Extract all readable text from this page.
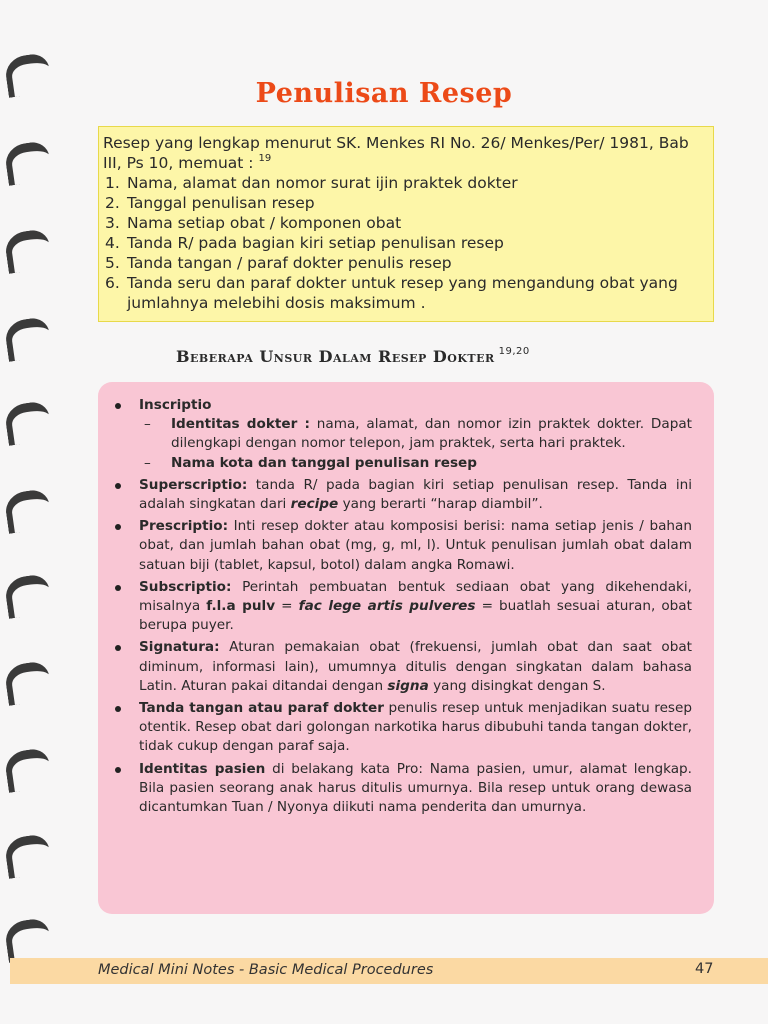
Penulisan Resep

Resep yang lengkap menurut SK. Menkes RI No. 26/ Menkes/Per/ 1981, Bab III, Ps 10, memuat : $^{19}$

1. Nama, alamat dan nomor surat ijin praktek dokter
2. Tanggal penulisan resep
3. Nama setiap obat / komponen obat
4. Tanda R/ pada bagian kiri setiap penulisan resep
5. Tanda tangan / paraf dokter penulis resep
6. Tanda seru dan paraf dokter untuk resep yang mengandung obat yang jumlahnya melebihi dosis maksimum .
Beberapa Unsur Dalam Resep Dokter $^{19,20}$
Inscriptio
– Identitas dokter : nama, alamat, dan nomor izin praktek dokter. Dapat dilengkapi dengan nomor telepon, jam praktek, serta hari praktek.
– Nama kota dan tanggal penulisan resep
Superscriptio: tanda R/ pada bagian kiri setiap penulisan resep. Tanda ini adalah singkatan dari recipe yang berarti “harap diambil”.
Prescriptio: Inti resep dokter atau komposisi berisi: nama setiap jenis / bahan obat, dan jumlah bahan obat (mg, g, ml, l). Untuk penulisan jumlah obat dalam satuan biji (tablet, kapsul, botol) dalam angka Romawi.
Subscriptio: Perintah pembuatan bentuk sediaan obat yang dikehendaki, misalnya f.l.a pulv = fac lege artis pulveres = buatlah sesuai aturan, obat berupa puyer.
Signatura: Aturan pemakaian obat (frekuensi, jumlah obat dan saat obat diminum, informasi lain), umumnya ditulis dengan singkatan dalam bahasa Latin. Aturan pakai ditandai dengan signa yang disingkat dengan S.
Tanda tangan atau paraf dokter penulis resep untuk menjadikan suatu resep otentik. Resep obat dari golongan narkotika harus dibubuhi tanda tangan dokter, tidak cukup dengan paraf saja.
Identitas pasien di belakang kata Pro: Nama pasien, umur, alamat lengkap. Bila pasien seorang anak harus ditulis umurnya. Bila resep untuk orang dewasa dicantumkan Tuan / Nyonya diikuti nama penderita dan umurnya.
Medical Mini Notes - Basic Medical Procedures	47
